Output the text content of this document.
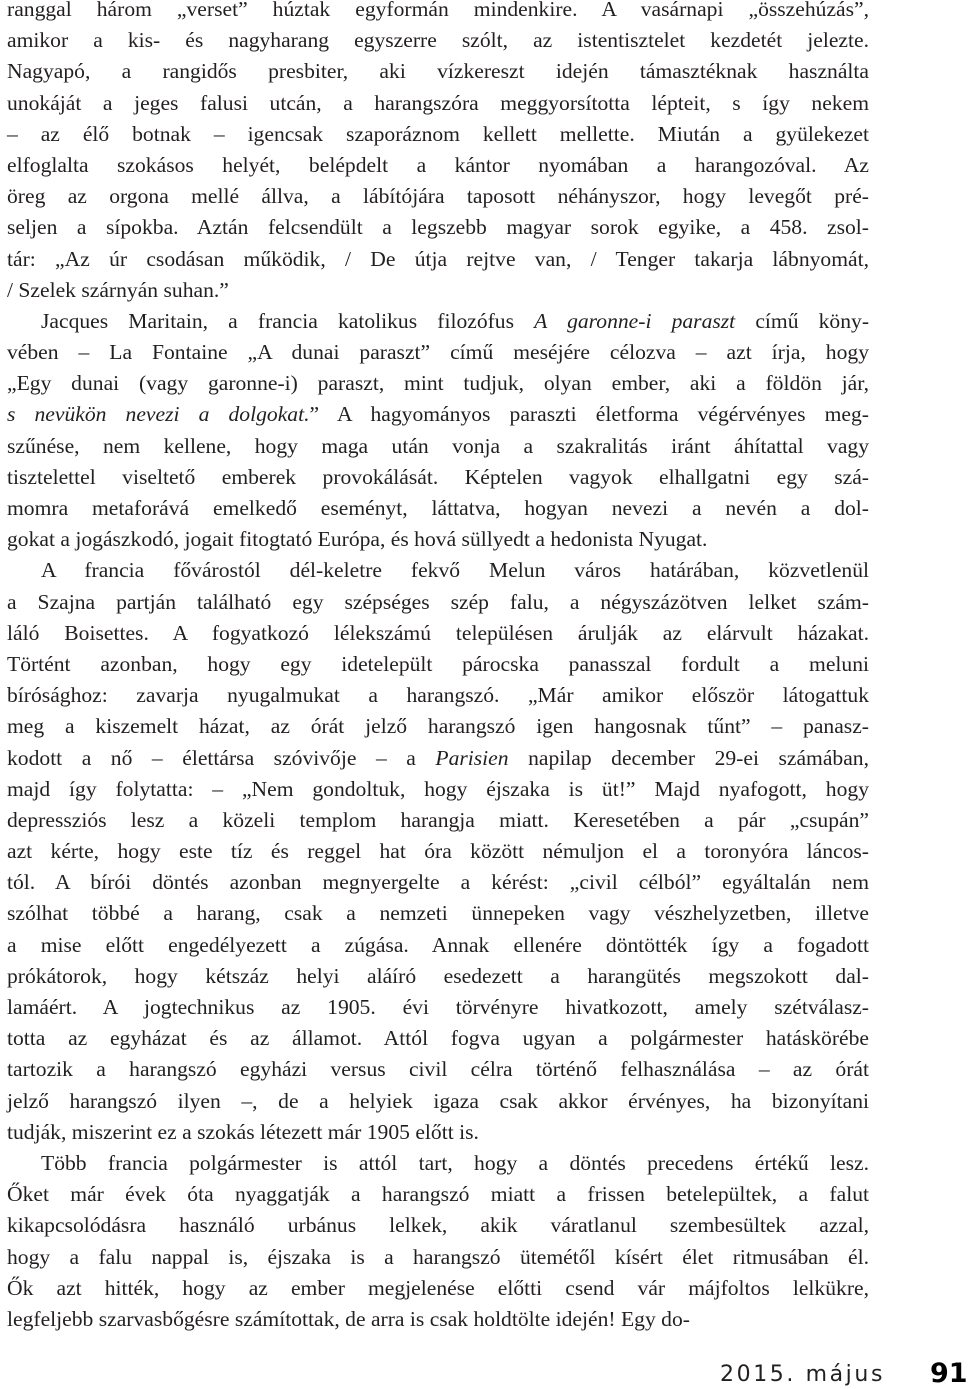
ranggal három „verset” húztak egyformán mindenkire. A vasárnapi „összehúzás”,
amikor a kis- és nagyharang egyszerre szólt, az istentisztelet kezdetét jelezte.
Nagyapó, a rangidős presbiter, aki vízkereszt idején támasztéknak használta
unokáját a jeges falusi utcán, a harangszóra meggyorsította lépteit, s így nekem
– az élő botnak – igencsak szaporáznom kellett mellette. Miután a gyülekezet
elfoglalta szokásos helyét, belépdelt a kántor nyomában a harangozóval. Az
öreg az orgona mellé állva, a lábítójára taposott néhányszor, hogy levegőt pré-
seljen a sípokba. Aztán felcsendült a legszebb magyar sorok egyike, a 458. zsol-
tár: „Az úr csodásan működik, / De útja rejtve van, / Tenger takarja lábnyomát,
/ Szelek szárnyán suhan.”
Jacques Maritain, a francia katolikus filozófus A garonne-i paraszt című köny-
vében – La Fontaine „A dunai paraszt” című meséjére célozva – azt írja, hogy
„Egy dunai (vagy garonne-i) paraszt, mint tudjuk, olyan ember, aki a földön jár,
s nevükön nevezi a dolgokat.” A hagyományos paraszti életforma végérvényes meg-
szűnése, nem kellene, hogy maga után vonja a szakralitás iránt áhítattal vagy
tisztelettel viseltető emberek provokálását. Képtelen vagyok elhallgatni egy szá-
momra metaforává emelkedő eseményt, láttatva, hogyan nevezi a nevén a dol-
gokat a jogászkodó, jogait fitogtató Európa, és hová süllyedt a hedonista Nyugat.
A francia fővárostól dél-keletre fekvő Melun város határában, közvetlenül
a Szajna partján található egy szépséges szép falu, a négyszázötven lelket szám-
láló Boisettes. A fogyatkozó lélekszámú településen árulják az elárvult házakat.
Történt azonban, hogy egy idetelepült párocska panasszal fordult a meluni
bírósághoz: zavarja nyugalmukat a harangszó. „Már amikor először látogattuk
meg a kiszemelt házat, az órát jelző harangszó igen hangosnak tűnt” – panasz-
kodott a nő – élettársa szóvivője – a Parisien napilap december 29-ei számában,
majd így folytatta: – „Nem gondoltuk, hogy éjszaka is üt!” Majd nyafogott, hogy
depressziós lesz a közeli templom harangja miatt. Keresetében a pár „csupán”
azt kérte, hogy este tíz és reggel hat óra között némuljon el a toronyóra láncos-
tól. A bírói döntés azonban megnyergelte a kérést: „civil célból” egyáltalán nem
szólhat többé a harang, csak a nemzeti ünnepeken vagy vészhelyzetben, illetve
a mise előtt engedélyezett a zúgása. Annak ellenére döntötték így a fogadott
prókátorok, hogy kétszáz helyi aláíró esedezett a harangütés megszokott dal-
lamáért. A jogtechnikus az 1905. évi törvényre hivatkozott, amely szétválasz-
totta az egyházat és az államot. Attól fogva ugyan a polgármester hatáskörébe
tartozik a harangszó egyházi versus civil célra történő felhasználása – az órát
jelző harangszó ilyen –, de a helyiek igaza csak akkor érvényes, ha bizonyítani
tudják, miszerint ez a szokás létezett már 1905 előtt is.
Több francia polgármester is attól tart, hogy a döntés precedens értékű lesz.
Őket már évek óta nyaggatják a harangszó miatt a frissen betelepültek, a falut
kikapcsolódásra használó urbánus lelkek, akik váratlanul szembesültek azzal,
hogy a falu nappal is, éjszaka is a harangszó ütemétől kísért élet ritmusában él.
Ők azt hitték, hogy az ember megjelenése előtti csend vár májfoltos lelkükre,
legfeljebb szarvasbőgésre számítottak, de arra is csak holdtölte idején! Egy do-
2015. május 91
